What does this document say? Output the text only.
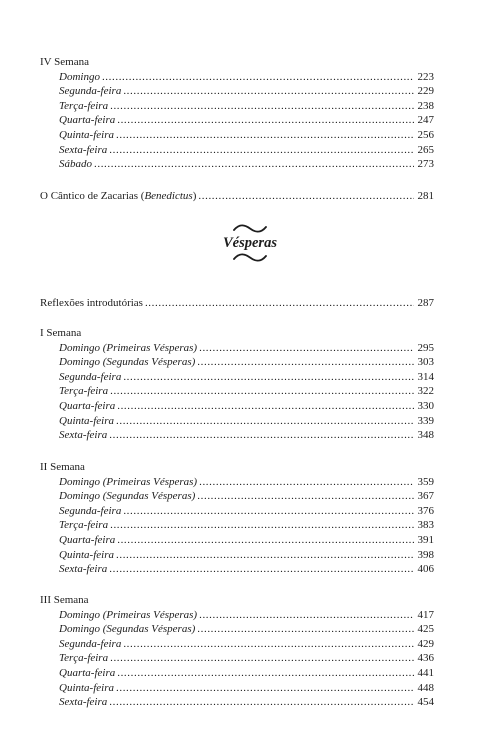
IV Semana
Domingo .....	223
Segunda-feira .....	229
Terça-feira .....	238
Quarta-feira .....	247
Quinta-feira .....	256
Sexta-feira .....	265
Sábado .....	273
O Cântico de Zacarias (Benedictus) .....	281
Vésperas
Reflexões introdutórias .....	287
I Semana
Domingo (Primeiras Vésperas) .....	295
Domingo (Segundas Vésperas) .....	303
Segunda-feira .....	314
Terça-feira .....	322
Quarta-feira .....	330
Quinta-feira .....	339
Sexta-feira .....	348
II Semana
Domingo (Primeiras Vésperas) .....	359
Domingo (Segundas Vésperas) .....	367
Segunda-feira .....	376
Terça-feira .....	383
Quarta-feira .....	391
Quinta-feira .....	398
Sexta-feira .....	406
III Semana
Domingo (Primeiras Vésperas) .....	417
Domingo (Segundas Vésperas) .....	425
Segunda-feira .....	429
Terça-feira .....	436
Quarta-feira .....	441
Quinta-feira .....	448
Sexta-feira .....	454
